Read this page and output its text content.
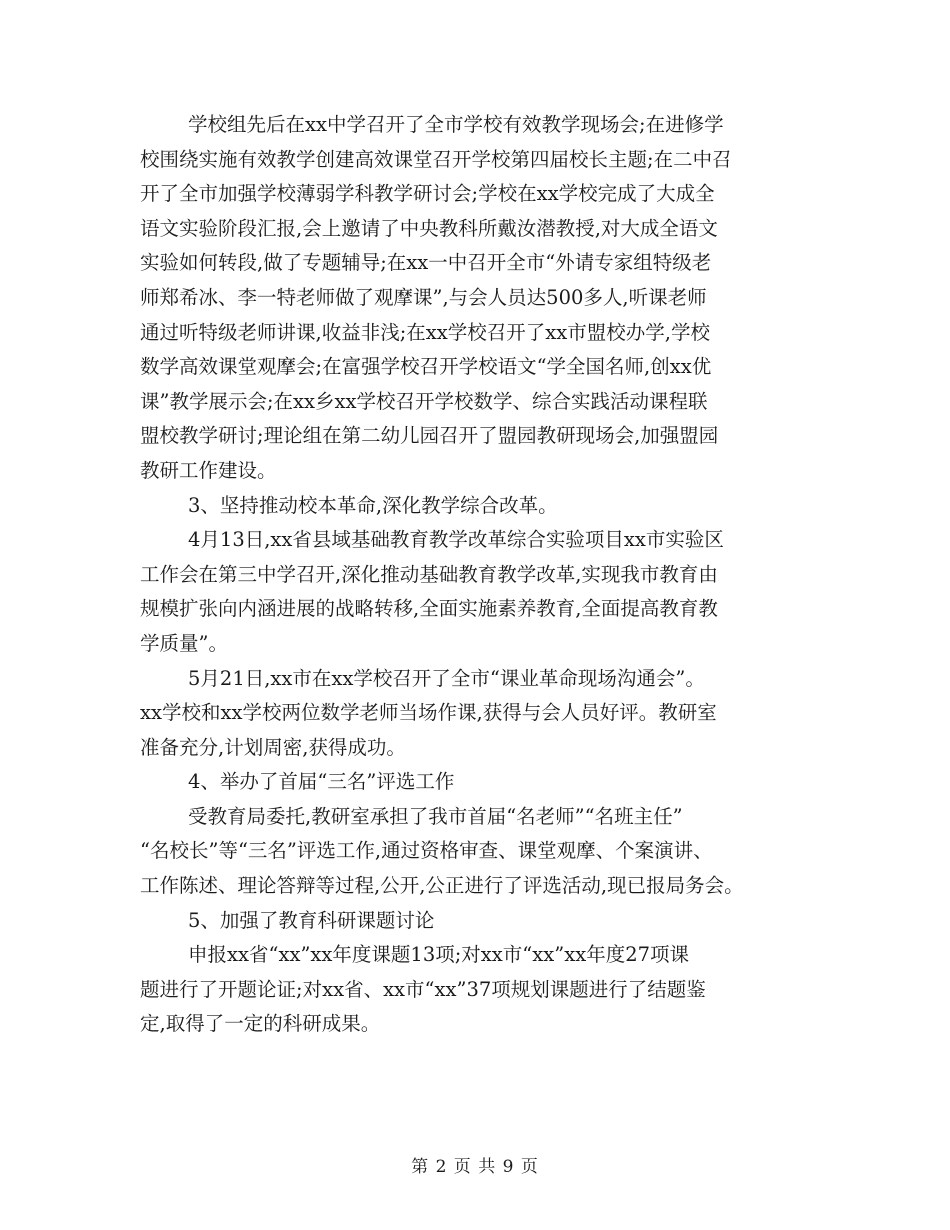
学校组先后在xx中学召开了全市学校有效教学现场会;在进修学
校围绕实施有效教学创建高效课堂召开学校第四届校长主题;在二中召
开了全市加强学校薄弱学科教学研讨会;学校在xx学校完成了大成全
语文实验阶段汇报,会上邀请了中央教科所戴汝潜教授,对大成全语文
实验如何转段,做了专题辅导;在xx一中召开全市“外请专家组特级老
师郑希冰、李一特老师做了观摩课”,与会人员达500多人,听课老师
通过听特级老师讲课,收益非浅;在xx学校召开了xx市盟校办学,学校
数学高效课堂观摩会;在富强学校召开学校语文“学全国名师,创xx优
课”教学展示会;在xx乡xx学校召开学校数学、综合实践活动课程联
盟校教学研讨;理论组在第二幼儿园召开了盟园教研现场会,加强盟园
教研工作建设。
3、坚持推动校本革命,深化教学综合改革。
4月13日,xx省县域基础教育教学改革综合实验项目xx市实验区
工作会在第三中学召开,深化推动基础教育教学改革,实现我市教育由
规模扩张向内涵进展的战略转移,全面实施素养教育,全面提高教育教
学质量”。
5月21日,xx市在xx学校召开了全市“课业革命现场沟通会”。
xx学校和xx学校两位数学老师当场作课,获得与会人员好评。教研室
准备充分,计划周密,获得成功。
4、举办了首届“三名”评选工作
受教育局委托,教研室承担了我市首届“名老师”“名班主任”
“名校长”等“三名”评选工作,通过资格审查、课堂观摩、个案演讲、
工作陈述、理论答辩等过程,公开,公正进行了评选活动,现已报局务会。
5、加强了教育科研课题讨论
申报xx省“xx”xx年度课题13项;对xx市“xx”xx年度27项课
题进行了开题论证;对xx省、xx市“xx”37项规划课题进行了结题鉴
定,取得了一定的科研成果。
第 2 页 共 9 页
